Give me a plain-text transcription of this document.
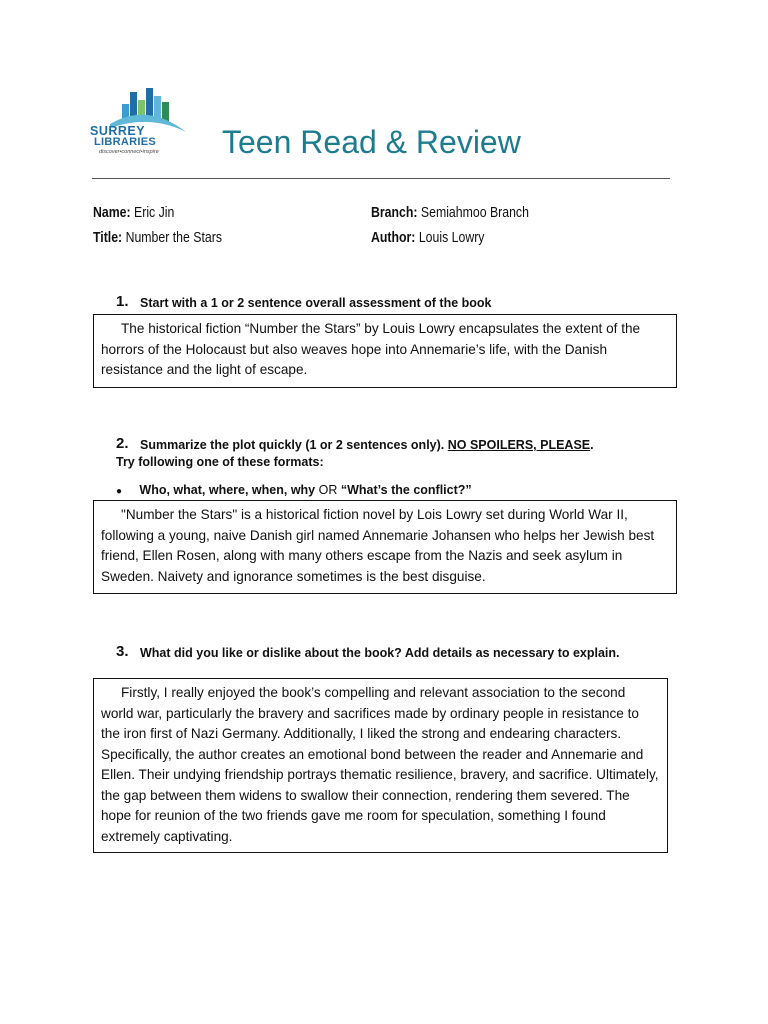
SURREY
LIBRARIES
discover•connect•inspire Teen Read & Review
Name: Eric Jin	Branch: Semiahmoo Branch
Title: Number the Stars	Author: Louis Lowry
1. Start with a 1 or 2 sentence overall assessment of the book
The historical fiction “Number the Stars” by Louis Lowry encapsulates the extent of the horrors of the Holocaust but also weaves hope into Annemarie’s life, with the Danish resistance and the light of escape.
2. Summarize the plot quickly (1 or 2 sentences only). NO SPOILERS, PLEASE.
Try following one of these formats:
● Who, what, where, when, why OR “What’s the conflict?”
"Number the Stars" is a historical fiction novel by Lois Lowry set during World War II, following a young, naive Danish girl named Annemarie Johansen who helps her Jewish best friend, Ellen Rosen, along with many others escape from the Nazis and seek asylum in Sweden. Naivety and ignorance sometimes is the best disguise.
3. What did you like or dislike about the book? Add details as necessary to explain.
Firstly, I really enjoyed the book’s compelling and relevant association to the second world war, particularly the bravery and sacrifices made by ordinary people in resistance to the iron first of Nazi Germany. Additionally, I liked the strong and endearing characters. Specifically, the author creates an emotional bond between the reader and Annemarie and Ellen. Their undying friendship portrays thematic resilience, bravery, and sacrifice. Ultimately, the gap between them widens to swallow their connection, rendering them severed. The hope for reunion of the two friends gave me room for speculation, something I found extremely captivating.
